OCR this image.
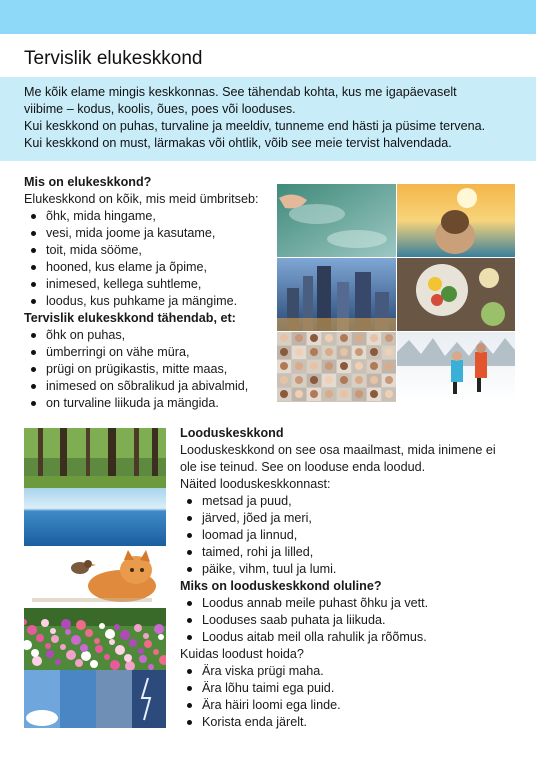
Tervislik elukeskkond

Me kõik elame mingis keskkonnas. See tähendab kohta, kus me igapäevaselt

viibime – kodus, koolis, õues, poes või looduses.

Kui keskkond on puhas, turvaline ja meeldiv, tunneme end hästi ja püsime tervena.

Kui keskkond on must, lärmakas või ohtlik, võib see meie tervist halvendada.

Mis on elukeskkond?
Elukeskkond on kõik, mis meid ümbritseb:
õhk, mida hingame,
vesi, mida joome ja kasutame,
toit, mida sööme,
hooned, kus elame ja õpime,
inimesed, kellega suhtleme,
loodus, kus puhkame ja mängime.
Tervislik elukeskkond tähendab, et:
õhk on puhas,
ümberringi on vähe müra,
prügi on prügikastis, mitte maas,
inimesed on sõbralikud ja abivalmid,
on turvaline liikuda ja mängida.
Looduskeskkond
Looduskeskkond on see osa maailmast, mida inimene ei
ole ise teinud. See on looduse enda loodud.
Näited looduskeskkonnast:
metsad ja puud,
järved, jõed ja meri,
loomad ja linnud,
taimed, rohi ja lilled,
päike, vihm, tuul ja lumi.
Miks on looduskeskkond oluline?
Loodus annab meile puhast õhku ja vett.
Looduses saab puhata ja liikuda.
Loodus aitab meil olla rahulik ja rõõmus.
Kuidas loodust hoida?
Ära viska prügi maha.
Ära lõhu taimi ega puid.
Ära häiri loomi ega linde.
Korista enda järelt.
